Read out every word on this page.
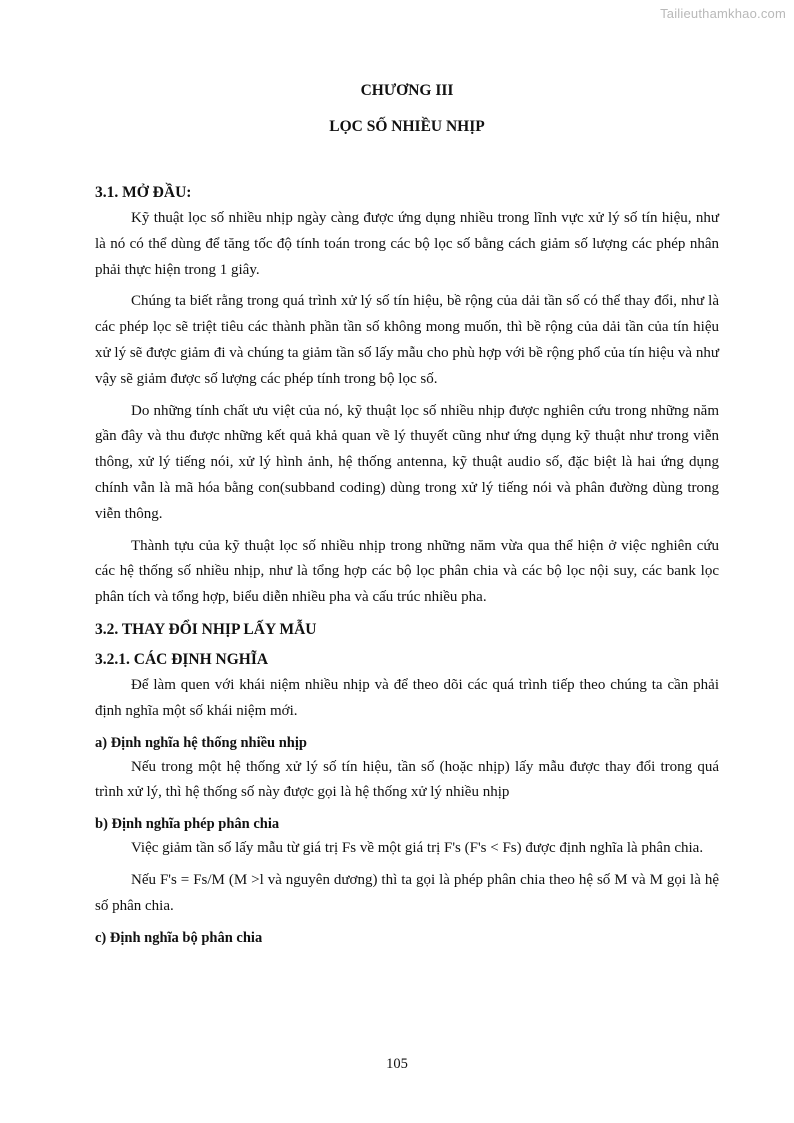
Tailieuthamkhao.com
CHƯƠNG III
LỌC SỐ NHIỀU NHỊP
3.1. MỞ ĐẦU:

Kỹ thuật lọc số nhiều nhịp ngày càng được ứng dụng nhiều trong lĩnh vực xử lý số tín hiệu, như là nó có thể dùng để tăng tốc độ tính toán trong các bộ lọc số bằng cách giảm số lượng các phép nhân phải thực hiện trong 1 giây.

Chúng ta biết rằng trong quá trình xử lý số tín hiệu, bề rộng của dải tần số có thể thay đổi, như là các phép lọc sẽ triệt tiêu các thành phần tần số không mong muốn, thì bề rộng của dải tần của tín hiệu xử lý sẽ được giảm đi và chúng ta giảm tần số lấy mẫu cho phù hợp với bề rộng phổ của tín hiệu và như vậy sẽ giảm được số lượng các phép tính trong bộ lọc số.

Do những tính chất ưu việt của nó, kỹ thuật lọc số nhiều nhịp được nghiên cứu trong những năm gần đây và thu được những kết quả khả quan về lý thuyết cũng như ứng dụng kỹ thuật như trong viễn thông, xử lý tiếng nói, xử lý hình ảnh, hệ thống antenna, kỹ thuật audio số, đặc biệt là hai ứng dụng chính vẫn là mã hóa bằng con(subband coding) dùng trong xử lý tiếng nói và phân đường dùng trong viễn thông.

Thành tựu của kỹ thuật lọc số nhiều nhịp trong những năm vừa qua thể hiện ở việc nghiên cứu các hệ thống số nhiều nhịp, như là tổng hợp các bộ lọc phân chia và các bộ lọc nội suy, các bank lọc phân tích và tổng hợp, biểu diễn nhiều pha và cấu trúc nhiều pha.

3.2. THAY ĐỔI NHỊP LẤY MẪU
3.2.1. CÁC ĐỊNH NGHĨA

Để làm quen với khái niệm nhiều nhịp và để theo dõi các quá trình tiếp theo chúng ta cần phải định nghĩa một số khái niệm mới.

a) Định nghĩa hệ thống nhiều nhịp

Nếu trong một hệ thống xử lý số tín hiệu, tần số (hoặc nhịp) lấy mẫu được thay đổi trong quá trình xử lý, thì hệ thống số này được gọi là hệ thống xử lý nhiều nhịp

b) Định nghĩa phép phân chia

Việc giảm tần số lấy mẫu từ giá trị Fs về một giá trị F's (F's < Fs) được định nghĩa là phân chia.

Nếu F's = Fs/M (M >l và nguyên dương) thì ta gọi là phép phân chia theo hệ số M và M gọi là hệ số phân chia.

c) Định nghĩa bộ phân chia
105
